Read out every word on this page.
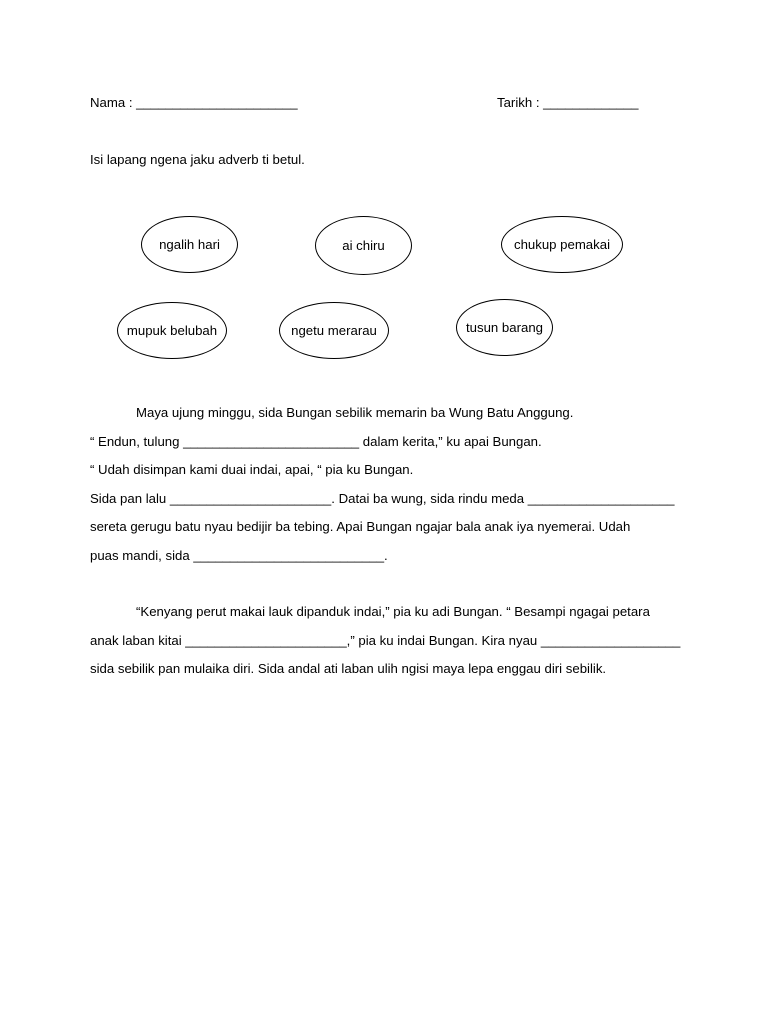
Nama : ______________________	Tarikh : _____________
Isi lapang ngena jaku adverb ti betul.
ngalih hari	ai chiru	chukup pemakai
mupuk belubah	ngetu merarau	tusun barang
Maya ujung minggu, sida Bungan sebilik memarin ba Wung Batu Anggung.
“ Endun, tulung ________________________ dalam kerita,” ku apai Bungan.
“ Udah disimpan kami duai indai, apai, “ pia ku Bungan.
Sida pan lalu ______________________. Datai ba wung, sida rindu meda ____________________
sereta gerugu batu nyau bedijir ba tebing. Apai Bungan ngajar bala anak iya nyemerai. Udah
puas mandi, sida __________________________.
“Kenyang perut makai lauk dipanduk indai,” pia ku adi Bungan. “ Besampi ngagai petara
anak laban kitai ______________________,” pia ku indai Bungan. Kira nyau ___________________
sida sebilik pan mulaika diri. Sida andal ati laban ulih ngisi maya lepa enggau diri sebilik.
